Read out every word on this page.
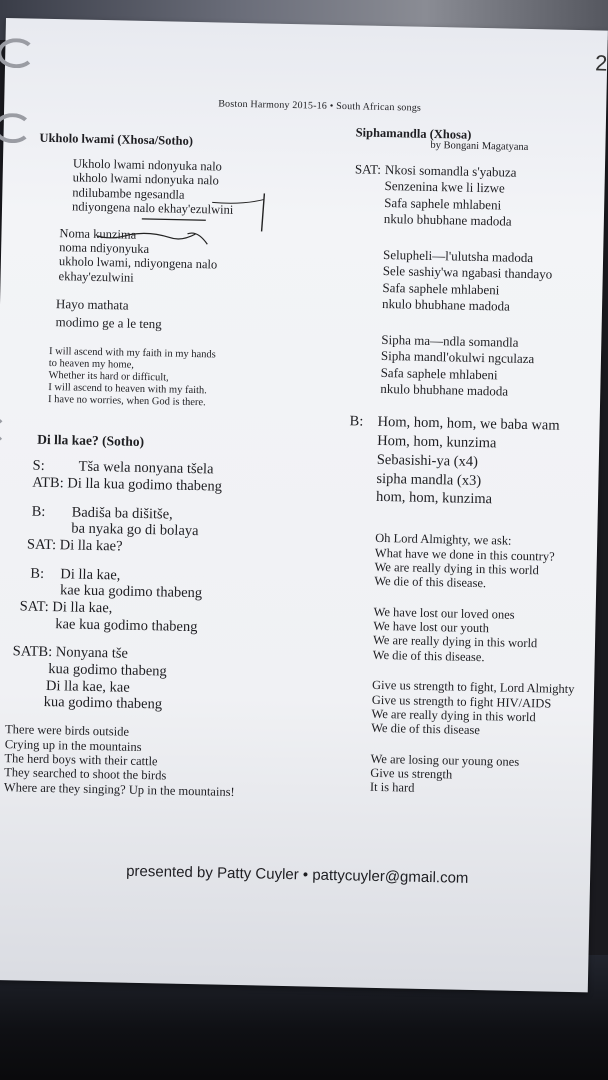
2
Boston Harmony 2015-16 • South African songs
Ukholo lwami (Xhosa/Sotho)
Ukholo lwami ndonyuka nalo
ukholo lwami ndonyuka nalo
ndilubambe ngesandla
ndiyongena nalo ekhay'ezulwini
Noma kunzima
noma ndiyonyuka
ukholo lwami, ndiyongena nalo
ekhay'ezulwini
Hayo mathata
modimo ge a le teng
I will ascend with my faith in my hands
to heaven my home,
Whether its hard or difficult,
I will ascend to heaven with my faith.
I have no worries, when God is there.
Di lla kae? (Sotho)
S: Tša wela nonyana tšela
ATB: Di lla kua godimo thabeng
B: Badiša ba dišitše,
ba nyaka go di bolaya
SAT: Di lla kae?
B: Di lla kae,
kae kua godimo thabeng
SAT: Di lla kae,
kae kua godimo thabeng
SATB: Nonyana tše
kua godimo thabeng
Di lla kae, kae
kua godimo thabeng
There were birds outside
Crying up in the mountains
The herd boys with their cattle
They searched to shoot the birds
Where are they singing? Up in the mountains!
Siphamandla (Xhosa)
by Bongani Magatyana
SAT: Nkosi somandla s'yabuza
Senzenina kwe li lizwe
Safa saphele mhlabeni
nkulo bhubhane madoda
Selupheli—l'ulutsha madoda
Sele sashiy'wa ngabasi thandayo
Safa saphele mhlabeni
nkulo bhubhane madoda
Sipha ma—ndla somandla
Sipha mandl'okulwi ngculaza
Safa saphele mhlabeni
nkulo bhubhane madoda
B: Hom, hom, hom, we baba wam
Hom, hom, kunzima
Sebasishi-ya (x4)
sipha mandla (x3)
hom, hom, kunzima
Oh Lord Almighty, we ask:
What have we done in this country?
We are really dying in this world
We die of this disease.
We have lost our loved ones
We have lost our youth
We are really dying in this world
We die of this disease.
Give us strength to fight, Lord Almighty
Give us strength to fight HIV/AIDS
We are really dying in this world
We die of this disease
We are losing our young ones
Give us strength
It is hard
presented by Patty Cuyler • pattycuyler@gmail.com
